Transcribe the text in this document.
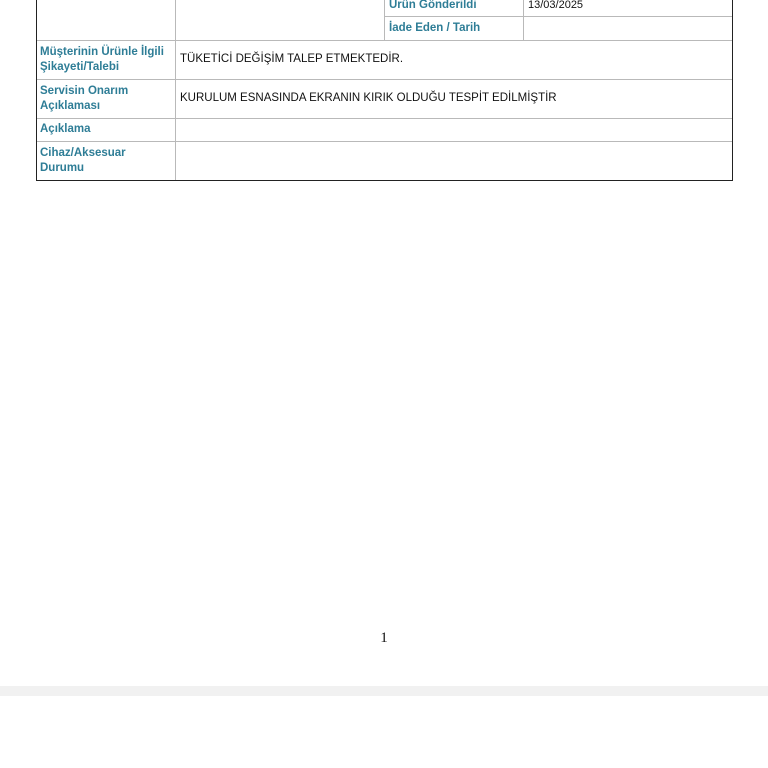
Ürün Gönderildi	13/03/2025
İade Eden / Tarih
Müşterinin Ürünle İlgili
Şikayeti/Talebi
TÜKETİCİ DEĞİŞİM TALEP ETMEKTEDİR.
Servisin Onarım
Açıklaması
KURULUM ESNASINDA EKRANIN KIRIK OLDUĞU TESPİT EDİLMİŞTİR
Açıklama
Cihaz/Aksesuar
Durumu
1
